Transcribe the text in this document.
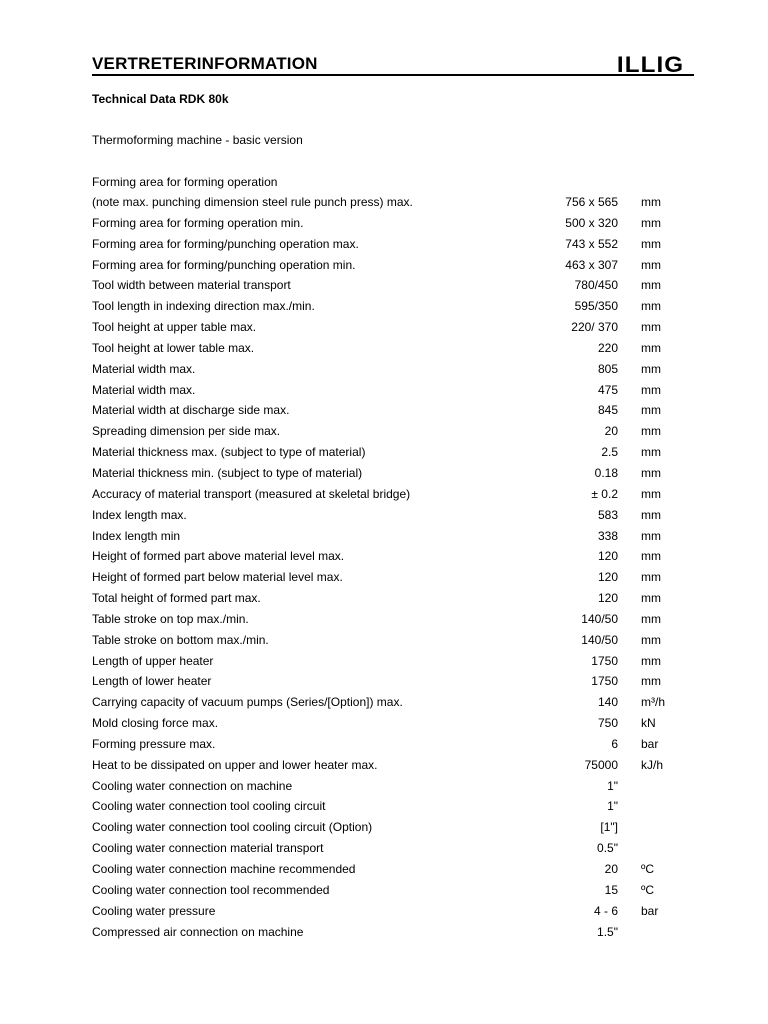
VERTRETERINFORMATION	ILLIG
Technical Data RDK 80k
Thermoforming machine - basic version
Forming area for forming operation
(note max. punching dimension steel rule punch press) max.	756 x 565 mm
Forming area for forming operation min.	500 x 320 mm
Forming area for forming/punching operation max.	743 x 552 mm
Forming area for forming/punching operation min.	463 x 307 mm
Tool width between material transport	780/450 mm
Tool length in indexing direction max./min.	595/350 mm
Tool height at upper table max.	220/ 370 mm
Tool height at lower table max.	220 mm
Material width max.	805 mm
Material width max.	475 mm
Material width at discharge side max.	845 mm
Spreading dimension per side max.	20 mm
Material thickness max. (subject to type of material)	2.5 mm
Material thickness min. (subject to type of material)	0.18 mm
Accuracy of material transport (measured at skeletal bridge)	± 0.2 mm
Index length max.	583 mm
Index length min	338 mm
Height of formed part above material level max.	120 mm
Height of formed part below material level max.	120 mm
Total height of formed part max.	120 mm
Table stroke on top max./min.	140/50 mm
Table stroke on bottom max./min.	140/50 mm
Length of upper heater	1750 mm
Length of lower heater	1750 mm
Carrying capacity of vacuum pumps (Series/[Option]) max.	140 m³/h
Mold closing force max.	750 kN
Forming pressure max.	6 bar
Heat to be dissipated on upper and lower heater max.	75000 kJ/h
Cooling water connection on machine	1"
Cooling water connection tool cooling circuit	1"
Cooling water connection tool cooling circuit (Option)	[1"]
Cooling water connection material transport	0.5"
Cooling water connection machine recommended	20 ºC
Cooling water connection tool recommended	15 ºC
Cooling water pressure	4 - 6 bar
Compressed air connection on machine	1.5"
